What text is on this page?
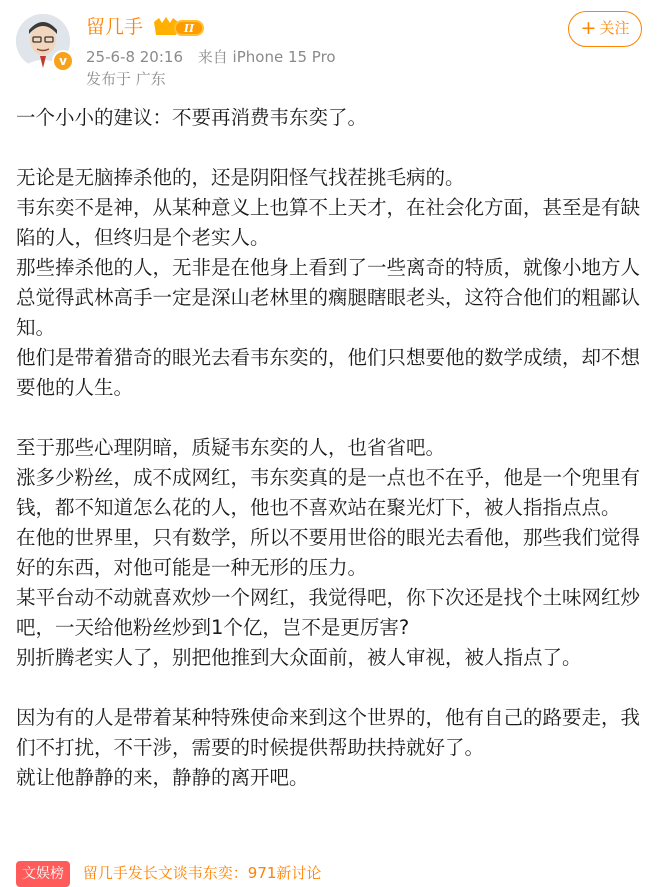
v
留几手	II
25-6-8 20:16 来自 iPhone 15 Pro
发布于 广东
+ 关注

一个小小的建议：不要再消费韦东奕了。

无论是无脑捧杀他的，还是阴阳怪气找茬挑毛病的。

韦东奕不是神，从某种意义上也算不上天才，在社会化方面，甚至是有缺陷的人，但终归是个老实人。

那些捧杀他的人，无非是在他身上看到了一些离奇的特质，就像小地方人总觉得武林高手一定是深山老林里的瘸腿瞎眼老头，这符合他们的粗鄙认知。

他们是带着猎奇的眼光去看韦东奕的，他们只想要他的数学成绩，却不想要他的人生。

至于那些心理阴暗，质疑韦东奕的人，也省省吧。

涨多少粉丝，成不成网红，韦东奕真的是一点也不在乎，他是一个兜里有钱，都不知道怎么花的人，他也不喜欢站在聚光灯下，被人指指点点。

在他的世界里，只有数学，所以不要用世俗的眼光去看他，那些我们觉得好的东西，对他可能是一种无形的压力。

某平台动不动就喜欢炒一个网红，我觉得吧，你下次还是找个土味网红炒吧，一天给他粉丝炒到1个亿，岂不是更厉害?

别折腾老实人了，别把他推到大众面前，被人审视，被人指点了。

因为有的人是带着某种特殊使命来到这个世界的，他有自己的路要走，我们不打扰，不干涉，需要的时候提供帮助扶持就好了。

就让他静静的来，静静的离开吧。

文娱榜 留几手发长文谈韦东奕：971新讨论
